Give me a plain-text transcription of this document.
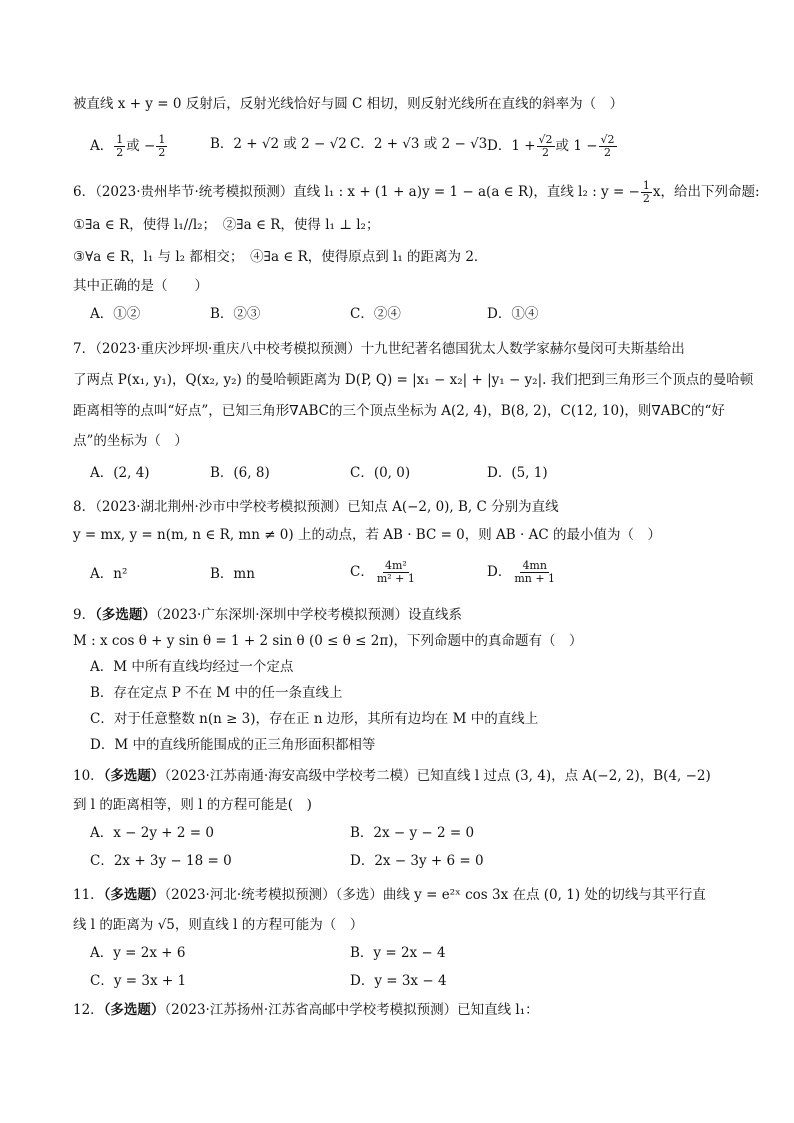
被直线 x + y = 0 反射后，反射光线恰好与圆 C 相切，则反射光线所在直线的斜率为（　）
A． $\frac{1}{2}$ 或 − $\frac{1}{2}$	B．2 + √2 或 2 − √2 C．2 + √3 或 2 − √3 D．$1 + \frac{√2}{2}$ 或 $1 - \frac{√2}{2}$
6．（2023·贵州毕节·统考模拟预测）直线 l₁ : x + (1 + a)y = 1 − a(a ∈ R)，直线 l₂ : y = − $\frac{1}{2}$ x，给出下列命题:
①∃a ∈ R，使得 l₁//l₂；　②∃a ∈ R，使得 l₁ ⊥ l₂；
③∀a ∈ R，l₁ 与 l₂ 都相交；　④∃a ∈ R，使得原点到 l₁ 的距离为 2．
其中正确的是（　　）
A．①②	B．②③	C．②④	D．①④
7．（2023·重庆沙坪坝·重庆八中校考模拟预测）十九世纪著名德国犹太人数学家赫尔曼闵可夫斯基给出
了两点 P(x₁, y₁)，Q(x₂, y₂) 的曼哈顿距离为 D(P, Q) = |x₁ − x₂| + |y₁ − y₂|. 我们把到三角形三个顶点的曼哈顿
距离相等的点叫“好点”，已知三角形∇ABC的三个顶点坐标为 A(2, 4)，B(8, 2)，C(12, 10)，则∇ABC的“好
点”的坐标为（　）
A．(2, 4)	B．(6, 8)	C．(0, 0)	D．(5, 1)
8．（2023·湖北荆州·沙市中学校考模拟预测）已知点 A(−2, 0), B, C 分别为直线
y = mx, y = n(m, n ∈ R, mn ≠ 0) 上的动点，若 AB · BC = 0，则 AB · AC 的最小值为（　）
A．n²	B．mn	C． $\frac{\text{4m²}}{\text{m² + 1}}$	D． $\frac{4mn}{mn + 1}$
9．（多选题）（2023·广东深圳·深圳中学校考模拟预测）设直线系
M : x cos θ + y sin θ = 1 + 2 sin θ (0 ≤ θ ≤ 2π)，下列命题中的真命题有（　）
A．M 中所有直线均经过一个定点
B．存在定点 P 不在 M 中的任一条直线上
C．对于任意整数 n(n ≥ 3)，存在正 n 边形，其所有边均在 M 中的直线上
D．M 中的直线所能围成的正三角形面积都相等
10．（多选题）（2023·江苏南通·海安高级中学校考二模）已知直线 l 过点 (3, 4)，点 A(−2, 2)，B(4, −2)
到 l 的距离相等，则 l 的方程可能是(　)
A．x − 2y + 2 = 0	B．2x − y − 2 = 0
C．2x + 3y − 18 = 0	D．2x − 3y + 6 = 0
11．（多选题）（2023·河北·统考模拟预测）（多选）曲线 y = e²ˣ cos 3x 在点 (0, 1) 处的切线与其平行直
线 l 的距离为 √5，则直线 l 的方程可能为（　）
A．y = 2x + 6	B．y = 2x − 4
C．y = 3x + 1	D．y = 3x − 4
12．（多选题）（2023·江苏扬州·江苏省高邮中学校考模拟预测）已知直线 l₁：
